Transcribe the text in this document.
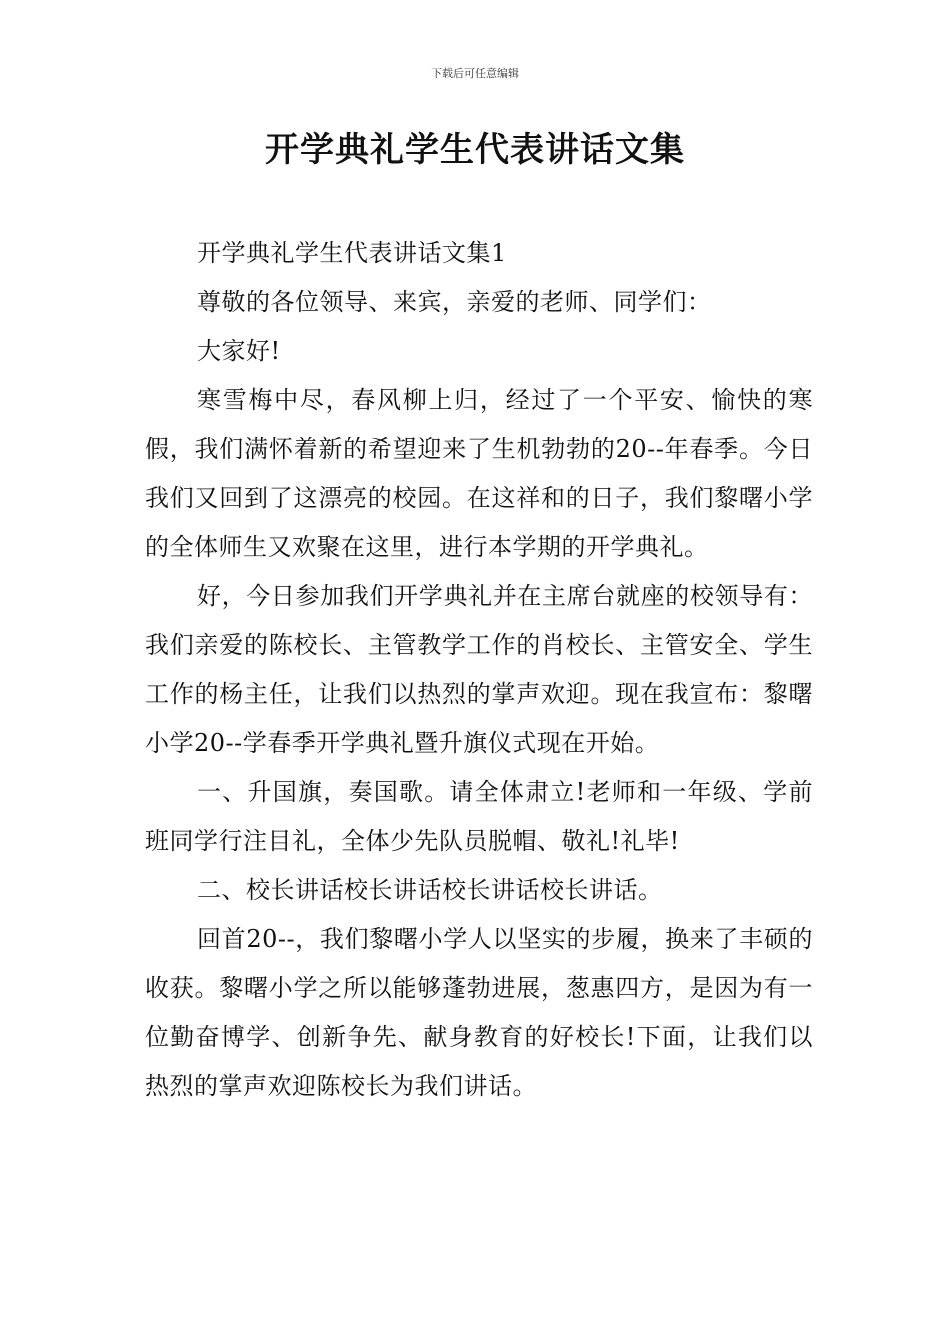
下载后可任意编辑
开学典礼学生代表讲话文集

开学典礼学生代表讲话文集1

尊敬的各位领导、来宾，亲爱的老师、同学们：

大家好!

寒雪梅中尽，春风柳上归，经过了一个平安、愉快的寒假，我们满怀着新的希望迎来了生机勃勃的20--年春季。今日我们又回到了这漂亮的校园。在这祥和的日子，我们黎曙小学的全体师生又欢聚在这里，进行本学期的开学典礼。

好，今日参加我们开学典礼并在主席台就座的校领导有：我们亲爱的陈校长、主管教学工作的肖校长、主管安全、学生工作的杨主任，让我们以热烈的掌声欢迎。现在我宣布：黎曙小学20--学春季开学典礼暨升旗仪式现在开始。

一、升国旗，奏国歌。请全体肃立!老师和一年级、学前班同学行注目礼，全体少先队员脱帽、敬礼!礼毕!

二、校长讲话校长讲话校长讲话校长讲话。

回首20--，我们黎曙小学人以坚实的步履，换来了丰硕的收获。黎曙小学之所以能够蓬勃进展，葱惠四方，是因为有一位勤奋博学、创新争先、献身教育的好校长!下面，让我们以热烈的掌声欢迎陈校长为我们讲话。
